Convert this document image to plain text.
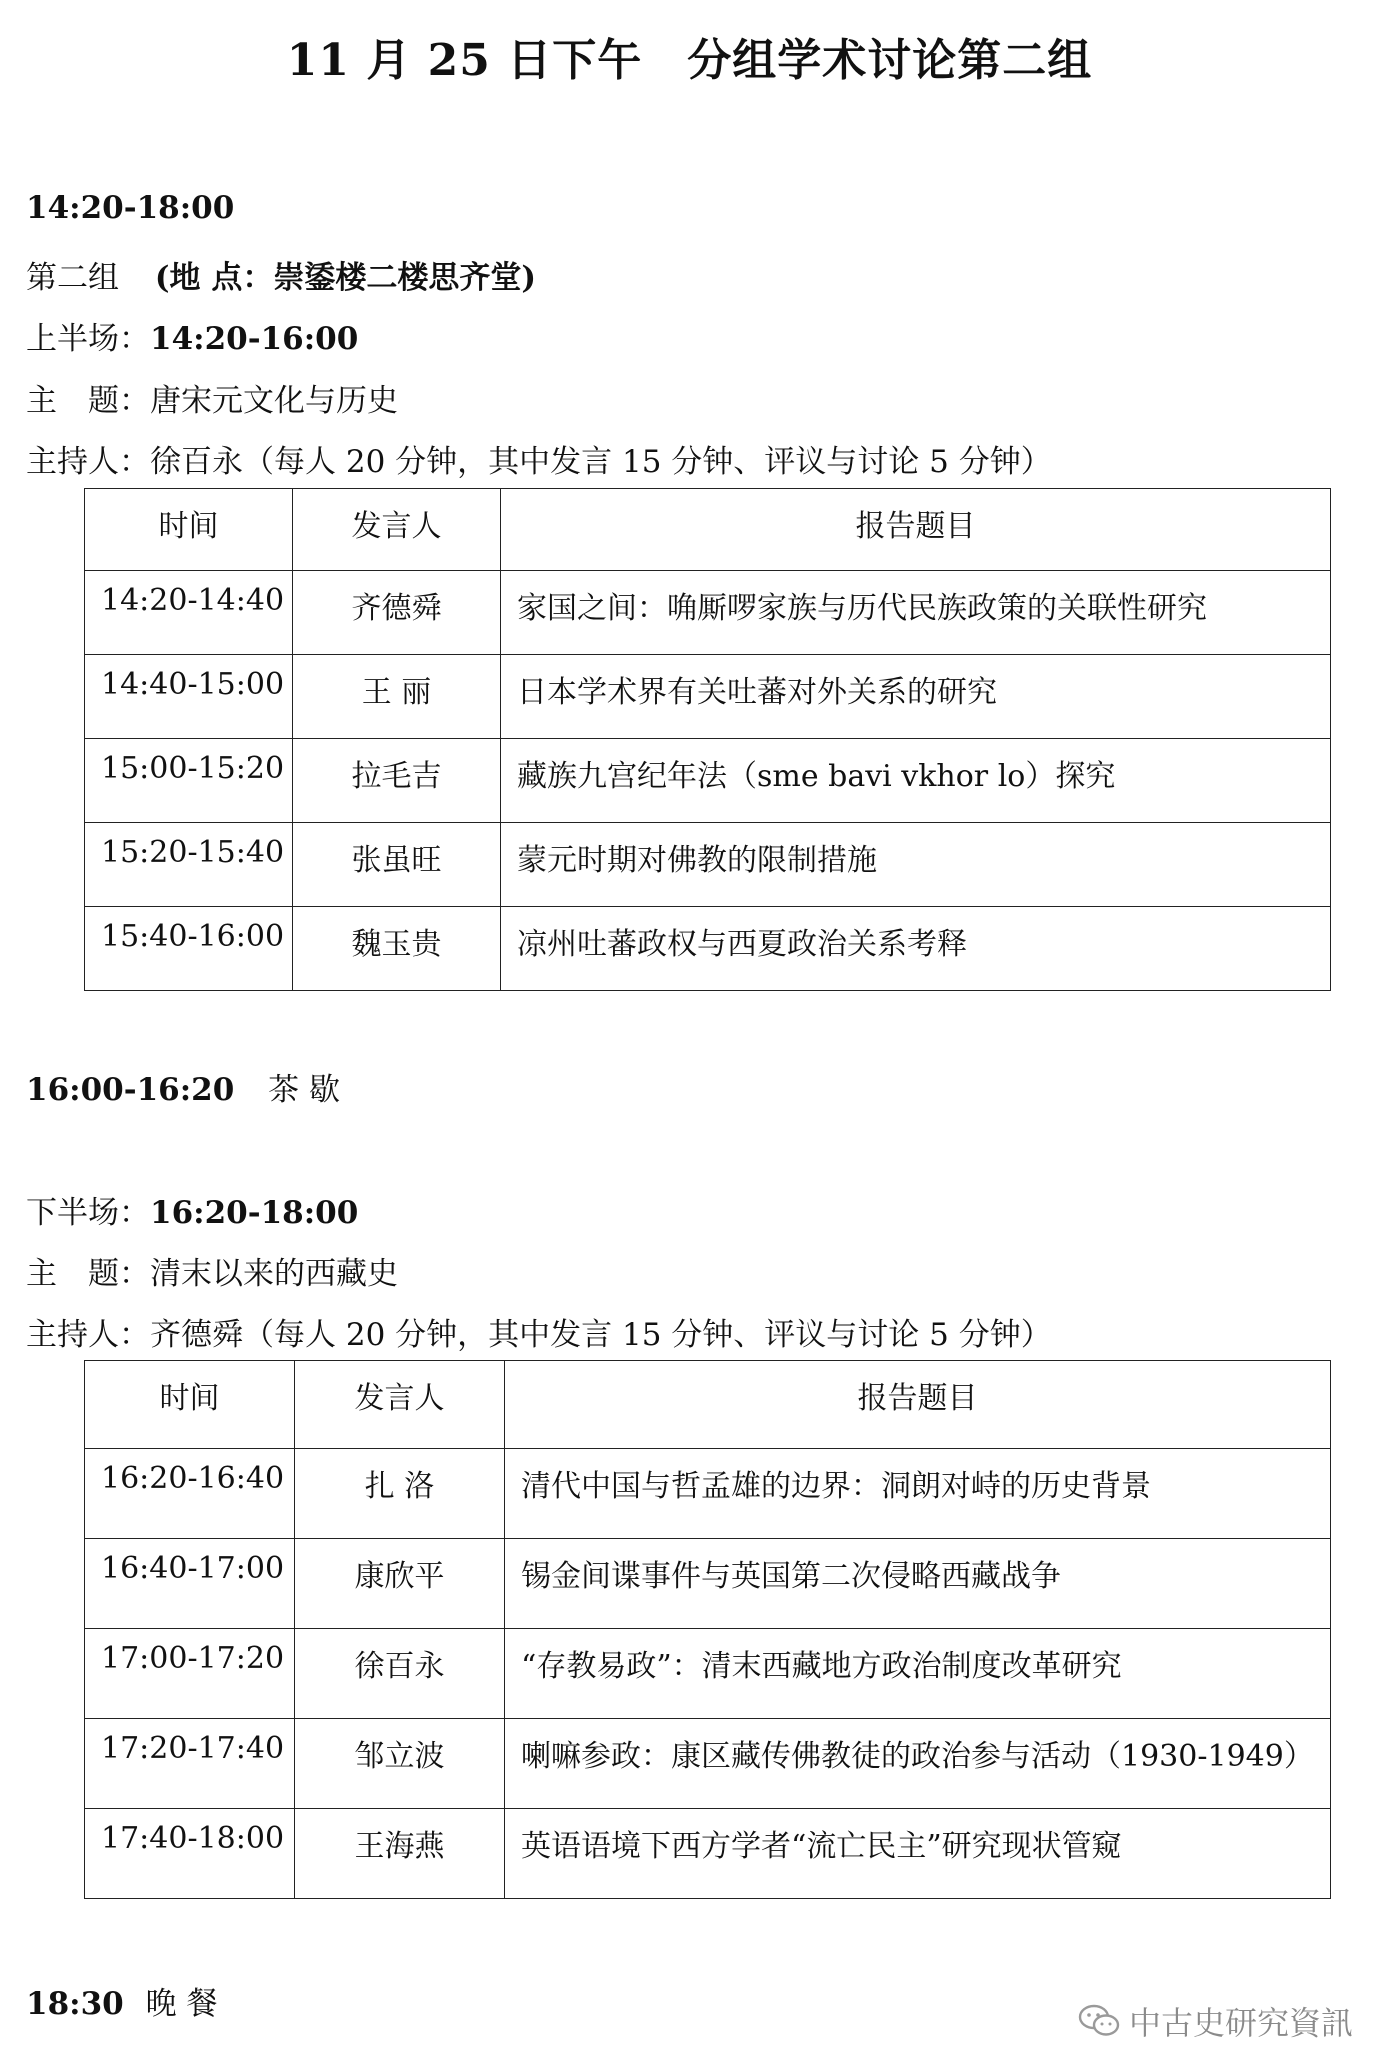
11 月 25 日下午　分组学术讨论第二组
14:20-18:00
第二组 (地 点：崇鋈楼二楼思齐堂)
上半场：14:20-16:00
主　题：唐宋元文化与历史
主持人：徐百永（每人 20 分钟，其中发言 15 分钟、评议与讨论 5 分钟）
时间	发言人	报告题目
14:20-14:40	齐德舜	家国之间：唃厮啰家族与历代民族政策的关联性研究
14:40-15:00	王 丽	日本学术界有关吐蕃对外关系的研究
15:00-15:20	拉毛吉	藏族九宫纪年法（sme bavi vkhor lo）探究
15:20-15:40	张虽旺	蒙元时期对佛教的限制措施
15:40-16:00	魏玉贵	凉州吐蕃政权与西夏政治关系考释
16:00-16:20 茶 歇
下半场：16:20-18:00
主　题：清末以来的西藏史
主持人：齐德舜（每人 20 分钟，其中发言 15 分钟、评议与讨论 5 分钟）
时间	发言人	报告题目
16:20-16:40	扎 洛	清代中国与哲孟雄的边界：洞朗对峙的历史背景
16:40-17:00	康欣平	锡金间谍事件与英国第二次侵略西藏战争
17:00-17:20	徐百永	“存教易政”：清末西藏地方政治制度改革研究
17:20-17:40	邹立波	喇嘛参政：康区藏传佛教徒的政治参与活动（1930-1949）
17:40-18:00	王海燕	英语语境下西方学者“流亡民主”研究现状管窥
18:30 晚 餐	中古史研究資訊
